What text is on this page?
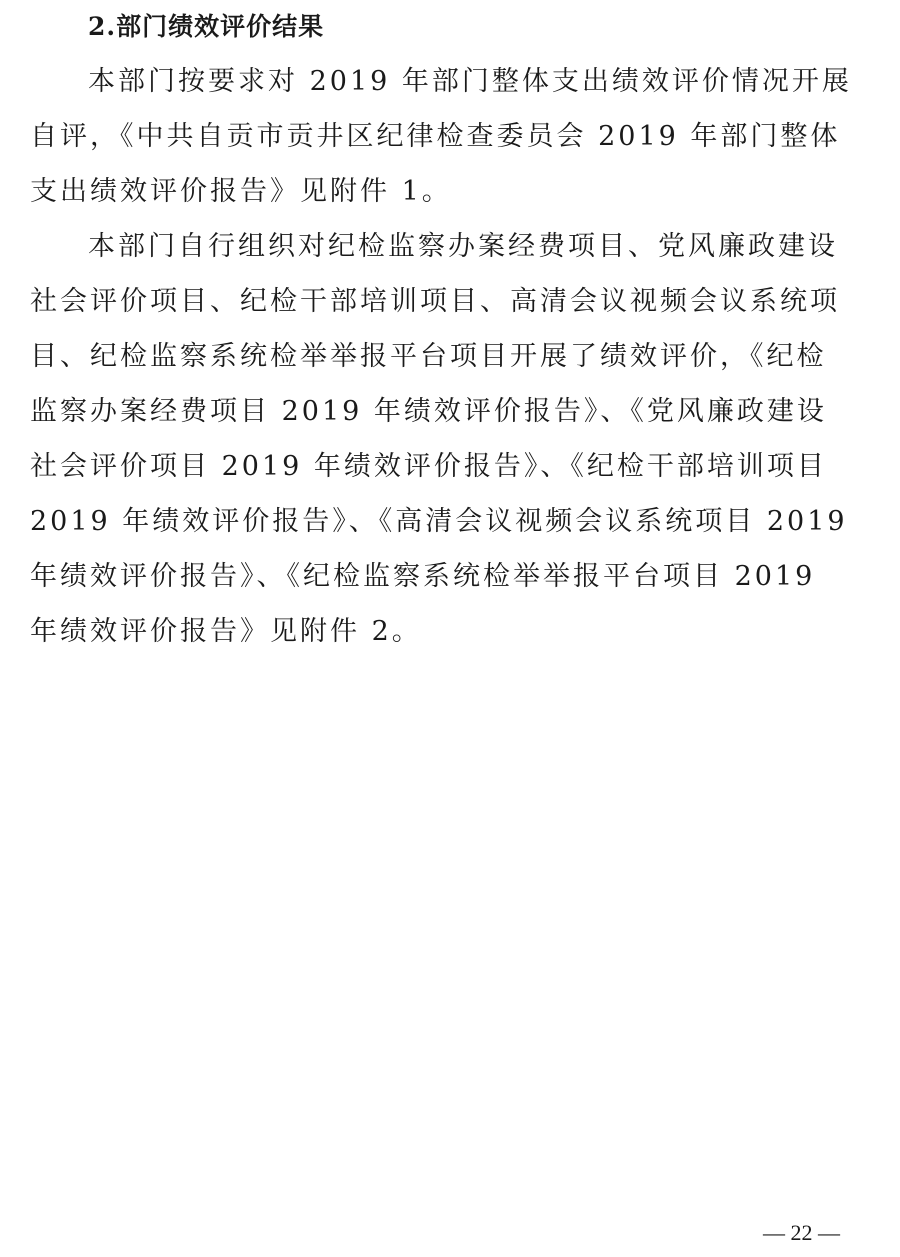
2.部门绩效评价结果
本部门按要求对 2019 年部门整体支出绩效评价情况开展
自评，《中共自贡市贡井区纪律检查委员会 2019 年部门整体
支出绩效评价报告》见附件 1。
本部门自行组织对纪检监察办案经费项目、党风廉政建设
社会评价项目、纪检干部培训项目、高清会议视频会议系统项
目、纪检监察系统检举举报平台项目开展了绩效评价，《纪检
监察办案经费项目 2019 年绩效评价报告》、《党风廉政建设
社会评价项目 2019 年绩效评价报告》、《纪检干部培训项目
2019 年绩效评价报告》、《高清会议视频会议系统项目 2019
年绩效评价报告》、《纪检监察系统检举举报平台项目 2019
年绩效评价报告》见附件 2。
— 22 —
